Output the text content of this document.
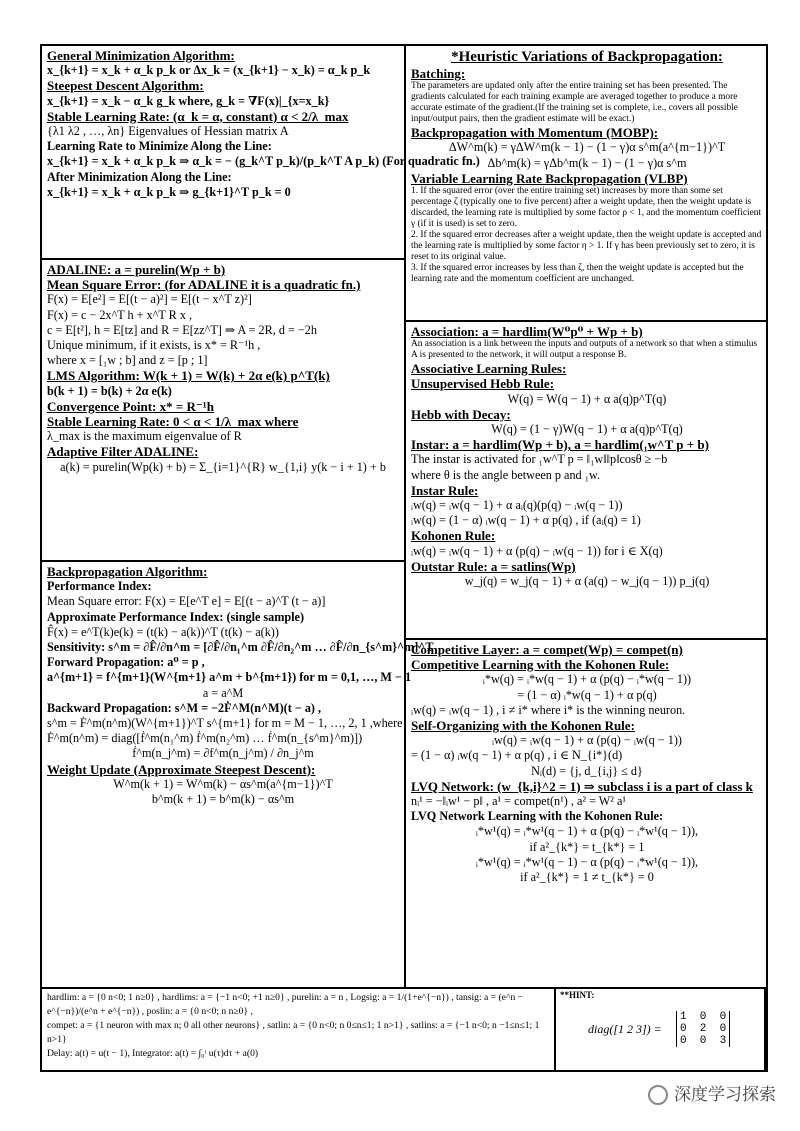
General Minimization Algorithm:

x_{k+1} = x_k + α_k p_k or Δx_k = (x_{k+1} − x_k) = α_k p_k

Steepest Descent Algorithm:

x_{k+1} = x_k − α_k g_k where, g_k = ∇F(x)|_{x=x_k}

Stable Learning Rate: (α_k = α, constant) α < 2/λ_max

{λ1 λ2 , …, λn} Eigenvalues of Hessian matrix A

Learning Rate to Minimize Along the Line:

x_{k+1} = x_k + α_k p_k ⇒ α_k = − (g_k^T p_k)/(p_k^T A p_k) (For quadratic fn.)

After Minimization Along the Line:

x_{k+1} = x_k + α_k p_k ⇒ g_{k+1}^T p_k = 0

ADALINE: a = purelin(Wp + b)

Mean Square Error: (for ADALINE it is a quadratic fn.)

F(x) = E[e²] = E[(t − a)²] = E[(t − x^T z)²]

F(x) = c − 2x^T h + x^T R x ,

c = E[t²], h = E[tz] and R = E[zz^T] ⇒ A = 2R, d = −2h

Unique minimum, if it exists, is x* = R⁻¹h ,

where x = [₁w ; b] and z = [p ; 1]

LMS Algorithm: W(k + 1) = W(k) + 2α e(k) p^T(k)

b(k + 1) = b(k) + 2α e(k)

Convergence Point: x* = R⁻¹h

Stable Learning Rate: 0 < α < 1/λ_max where

λ_max is the maximum eigenvalue of R

Adaptive Filter ADALINE:

a(k) = purelin(Wp(k) + b) = Σ_{i=1}^{R} w_{1,i} y(k − i + 1) + b

Backpropagation Algorithm:

Performance Index:

Mean Square error: F(x) = E[e^T e] = E[(t − a)^T (t − a)]

Approximate Performance Index: (single sample)

F̂(x) = e^T(k)e(k) = (t(k) − a(k))^T (t(k) − a(k))

Sensitivity: s^m = ∂F̂/∂n^m = [∂F̂/∂n₁^m ∂F̂/∂n₂^m … ∂F̂/∂n_{s^m}^m]^T

Forward Propagation: a⁰ = p ,

a^{m+1} = f^{m+1}(W^{m+1} a^m + b^{m+1}) for m = 0,1, …, M − 1

a = a^M

Backward Propagation: s^M = −2Ḟ^M(n^M)(t − a) ,

s^m = Ḟ^m(n^m)(W^{m+1})^T s^{m+1} for m = M − 1, …, 2, 1 ,where

Ḟ^m(n^m) = diag([ḟ^m(n₁^m) ḟ^m(n₂^m) … ḟ^m(n_{s^m}^m)])

ḟ^m(n_j^m) = ∂f^m(n_j^m) / ∂n_j^m

Weight Update (Approximate Steepest Descent):

W^m(k + 1) = W^m(k) − αs^m(a^{m−1})^T

b^m(k + 1) = b^m(k) − αs^m

*Heuristic Variations of Backpropagation:

Batching:

The parameters are updated only after the entire training set has been presented. The gradients calculated for each training example are averaged together to produce a more accurate estimate of the gradient.(If the training set is complete, i.e., covers all possible input/output pairs, then the gradient estimate will be exact.)

Backpropagation with Momentum (MOBP):

ΔW^m(k) = γΔW^m(k − 1) − (1 − γ)α s^m(a^{m−1})^T

Δb^m(k) = γΔb^m(k − 1) − (1 − γ)α s^m

Variable Learning Rate Backpropagation (VLBP)

1. If the squared error (over the entire training set) increases by more than some set percentage ζ (typically one to five percent) after a weight update, then the weight update is discarded, the learning rate is multiplied by some factor ρ < 1, and the momentum coefficient γ (if it is used) is set to zero.

2. If the squared error decreases after a weight update, then the weight update is accepted and the learning rate is multiplied by some factor η > 1. If γ has been previously set to zero, it is reset to its original value.

3. If the squared error increases by less than ζ, then the weight update is accepted but the learning rate and the momentum coefficient are unchanged.

Association: a = hardlim(W⁰p⁰ + Wp + b)

An association is a link between the inputs and outputs of a network so that when a stimulus A is presented to the network, it will output a response B.

Associative Learning Rules:

Unsupervised Hebb Rule:

W(q) = W(q − 1) + α a(q)p^T(q)

Hebb with Decay:

W(q) = (1 − γ)W(q − 1) + α a(q)p^T(q)

Instar: a = hardlim(Wp + b), a = hardlim(₁w^T p + b)

The instar is activated for ₁w^T p = ‖₁w‖‖p‖cosθ ≥ −b

where θ is the angle between p and ₁w.

Instar Rule:

ᵢw(q) = ᵢw(q − 1) + α aᵢ(q)(p(q) − ᵢw(q − 1))

ᵢw(q) = (1 − α) ᵢw(q − 1) + α p(q) , if (aᵢ(q) = 1)

Kohonen Rule:

ᵢw(q) = ᵢw(q − 1) + α (p(q) − ᵢw(q − 1)) for i ∈ X(q)

Outstar Rule: a = satlins(Wp)

w_j(q) = w_j(q − 1) + α (a(q) − w_j(q − 1)) p_j(q)

Competitive Layer: a = compet(Wp) = compet(n)

Competitive Learning with the Kohonen Rule:

ᵢ*w(q) = ᵢ*w(q − 1) + α (p(q) − ᵢ*w(q − 1))

= (1 − α) ᵢ*w(q − 1) + α p(q)

ᵢw(q) = ᵢw(q − 1) , i ≠ i* where i* is the winning neuron.

Self-Organizing with the Kohonen Rule:

ᵢw(q) = ᵢw(q − 1) + α (p(q) − ᵢw(q − 1))

= (1 − α) ᵢw(q − 1) + α p(q) , i ∈ N_{i*}(d)

Nᵢ(d) = {j, d_{i,j} ≤ d}

LVQ Network: (w_{k,i}^2 = 1) ⇒ subclass i is a part of class k

nᵢ¹ = −‖ᵢw¹ − p‖ , a¹ = compet(n¹) , a² = W² a¹

LVQ Network Learning with the Kohonen Rule:

ᵢ*w¹(q) = ᵢ*w¹(q − 1) + α (p(q) − ᵢ*w¹(q − 1)),

if a²_{k*} = t_{k*} = 1

ᵢ*w¹(q) = ᵢ*w¹(q − 1) − α (p(q) − ᵢ*w¹(q − 1)),

if a²_{k*} = 1 ≠ t_{k*} = 0

hardlim: a = {0 n<0; 1 n≥0} , hardlims: a = {−1 n<0; +1 n≥0} , purelin: a = n , Logsig: a = 1/(1+e^{−n}) , tansig: a = (e^n − e^{−n})/(e^n + e^{−n}) , poslin: a = {0 n<0; n n≥0} ,

compet: a = {1 neuron with max n; 0 all other neurons} , satlin: a = {0 n<0; n 0≤n≤1; 1 n>1} , satlins: a = {−1 n<0; n −1≤n≤1; 1 n>1}

Delay: a(t) = u(t − 1), Integrator: a(t) = ∫₀ᵗ u(τ)dτ + a(0)

**HINT:
diag([1 2 3]) =
1  0  0
0  2  0
0  0  3
深度学习探索
